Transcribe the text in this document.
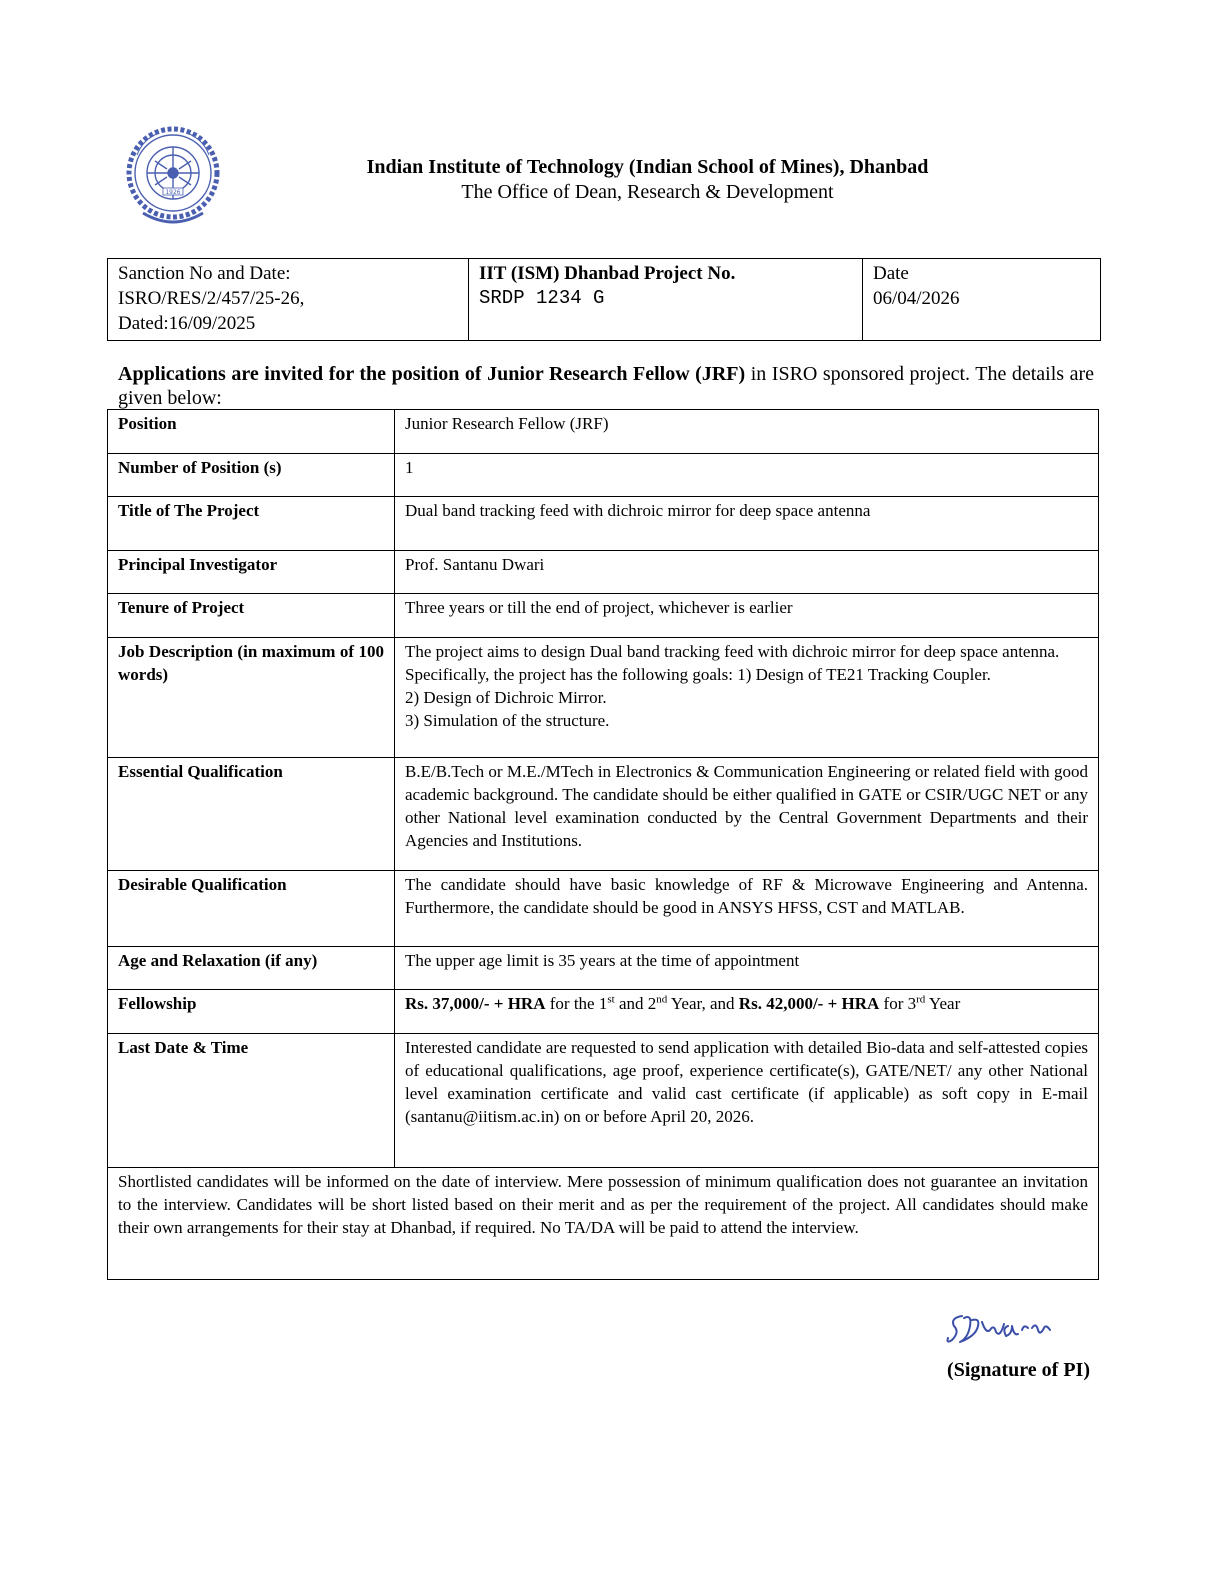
1926
Indian Institute of Technology (Indian School of Mines), Dhanbad
The Office of Dean, Research & Development
Sanction No and Date:
ISRO/RES/2/457/25-26,
Dated:16/09/2025

IIT (ISM) Dhanbad Project No.
SRDP 1234 G

Date
06/04/2026
Applications are invited for the position of Junior Research Fellow (JRF) in ISRO sponsored project. The details are given below:
Position	Junior Research Fellow (JRF)
Number of Position (s)	1
Title of The Project	Dual band tracking feed with dichroic mirror for deep space antenna
Principal Investigator	Prof. Santanu Dwari
Tenure of Project	Three years or till the end of project, whichever is earlier
Job Description (in maximum of 100 words)	The project aims to design Dual band tracking feed with dichroic mirror for deep space antenna. Specifically, the project has the following goals: 1) Design of TE21 Tracking Coupler.
2) Design of Dichroic Mirror.
3) Simulation of the structure.

Essential Qualification	B.E/B.Tech or M.E./MTech in Electronics & Communication Engineering or related field with good academic background. The candidate should be either qualified in GATE or CSIR/UGC NET or any other National level examination conducted by the Central Government Departments and their Agencies and Institutions.
Desirable Qualification	The candidate should have basic knowledge of RF & Microwave Engineering and Antenna. Furthermore, the candidate should be good in ANSYS HFSS, CST and MATLAB.
Age and Relaxation (if any)	The upper age limit is 35 years at the time of appointment
Fellowship	Rs. 37,000/- + HRA for the 1st and 2nd Year, and Rs. 42,000/- + HRA for 3rd Year
Last Date & Time	Interested candidate are requested to send application with detailed Bio-data and self-attested copies of educational qualifications, age proof, experience certificate(s), GATE/NET/ any other National level examination certificate and valid cast certificate (if applicable) as soft copy in E-mail (santanu@iitism.ac.in) on or before April 20, 2026.
Shortlisted candidates will be informed on the date of interview. Mere possession of minimum qualification does not guarantee an invitation to the interview. Candidates will be short listed based on their merit and as per the requirement of the project. All candidates should make their own arrangements for their stay at Dhanbad, if required. No TA/DA will be paid to attend the interview.	
(Signature of PI)
